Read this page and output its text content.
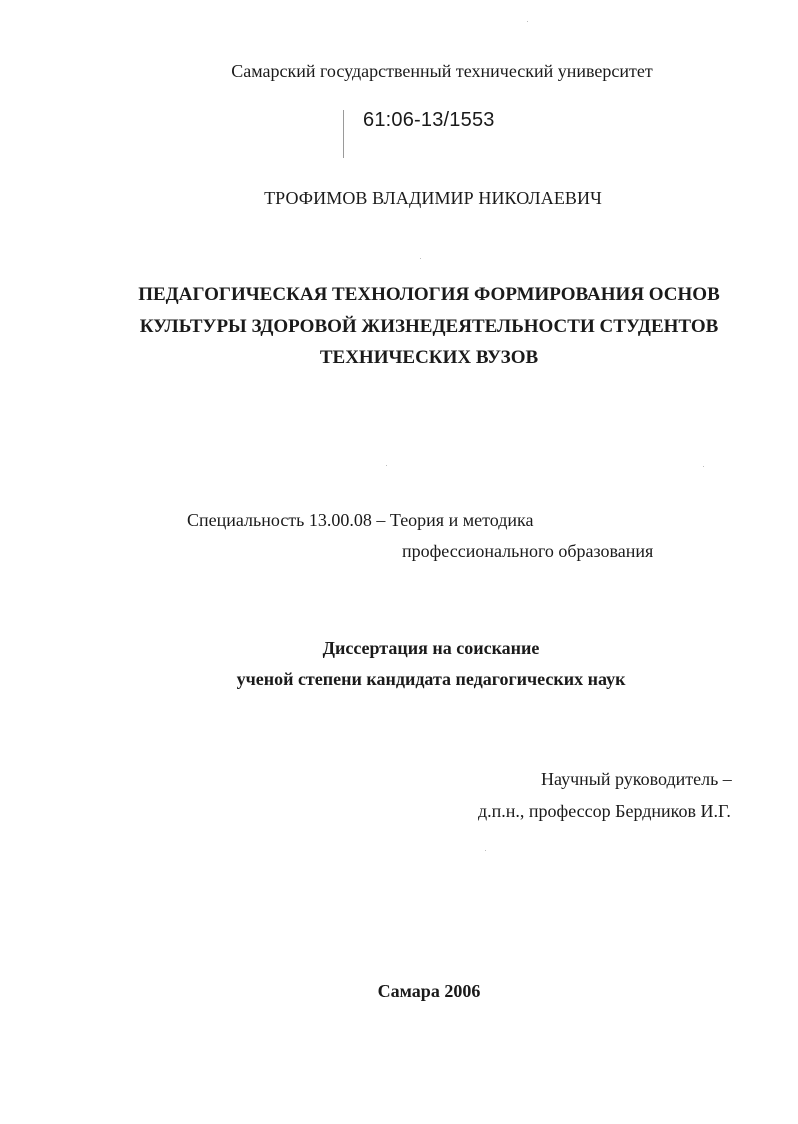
Самарский государственный технический университет
61:06-13/1553
ТРОФИМОВ ВЛАДИМИР НИКОЛАЕВИЧ
ПЕДАГОГИЧЕСКАЯ ТЕХНОЛОГИЯ ФОРМИРОВАНИЯ ОСНОВ
КУЛЬТУРЫ ЗДОРОВОЙ ЖИЗНЕДЕЯТЕЛЬНОСТИ СТУДЕНТОВ
ТЕХНИЧЕСКИХ ВУЗОВ
Специальность 13.00.08 – Теория и методика
профессионального образования
Диссертация на соискание
ученой степени кандидата педагогических наук
Научный руководитель –
д.п.н., профессор Бердников И.Г.
Самара 2006
